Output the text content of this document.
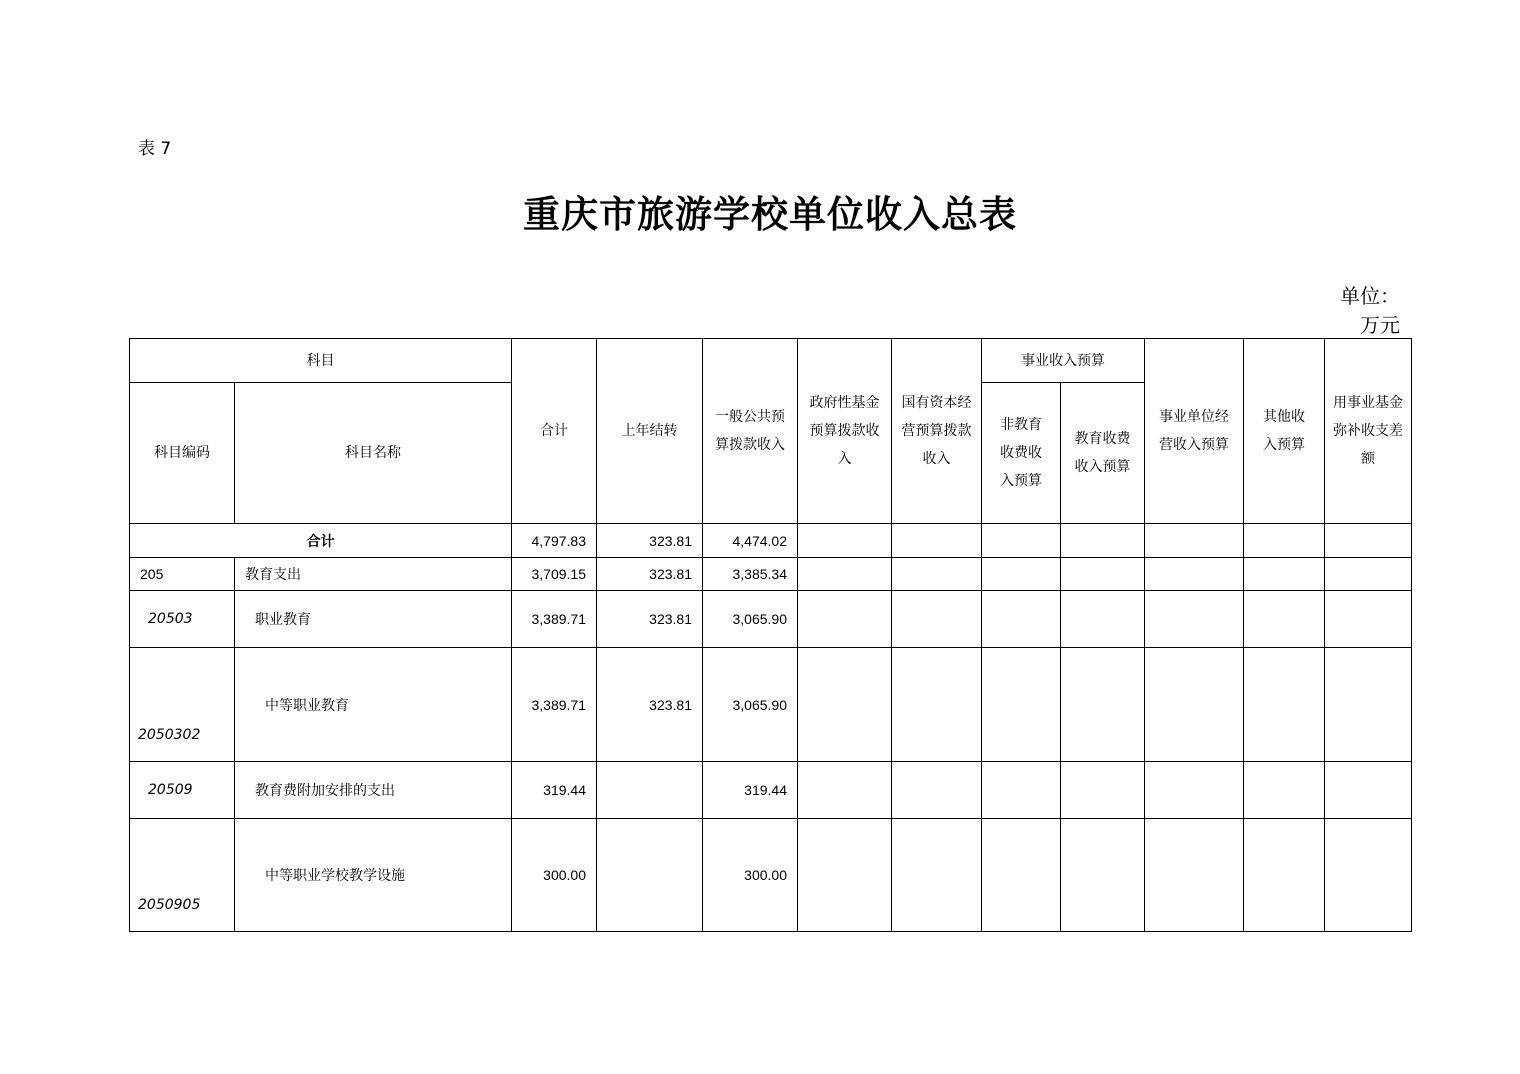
表 7
重庆市旅游学校单位收入总表
单位：
万元
科目		合计	上年结转	一般公共预算拨款收入	政府性基金预算拨款收入	国有资本经营预算拨款收入	事业收入预算		事业单位经营收入预算	其他收入预算	用事业基金弥补收支差额
科目编码	科目名称						非教育收费收入预算	教育收费收入预算			
合计		4,797.83	323.81	4,474.02							
205	教育支出	3,709.15	323.81	3,385.34							
20503	职业教育	3,389.71	323.81	3,065.90							
2050302	中等职业教育	3,389.71	323.81	3,065.90							
20509	教育费附加安排的支出	319.44		319.44							
2050905	中等职业学校教学设施	300.00		300.00							
